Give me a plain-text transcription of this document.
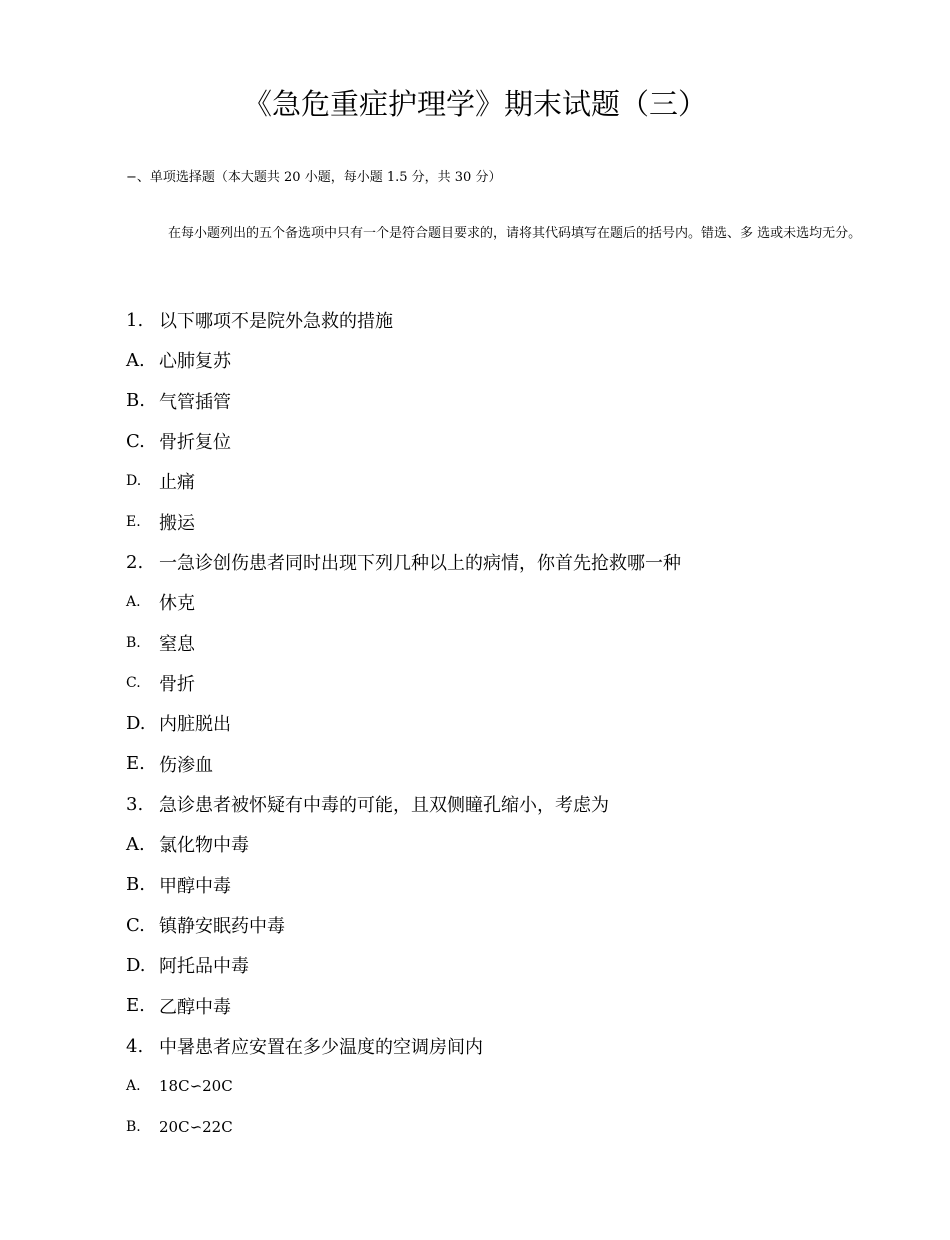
《急危重症护理学》期末试题（三）
−、单项选择题（本大题共 20 小题，每小题 1.5 分，共 30 分）
在每小题列出的五个备选项中只有一个是符合题目要求的，请将其代码填写在题后的括号内。错选、多 选或未选均无分。
1. 以下哪项不是院外急救的措施
A. 心肺复苏
B. 气管插管
C. 骨折复位
D. 止痛
E.	搬运
2. 一急诊创伤患者同时出现下列几种以上的病情，你首先抢救哪一种
A.	休克
B.	窒息
C.	骨折
D. 内脏脱出
E. 伤渗血
3. 急诊患者被怀疑有中毒的可能，且双侧瞳孔缩小，考虑为
A. 氯化物中毒
B. 甲醇中毒
C. 镇静安眠药中毒
D. 阿托品中毒
E. 乙醇中毒
4. 中暑患者应安置在多少温度的空调房间内
A.	18C∽20C
B.	20C∽22C
